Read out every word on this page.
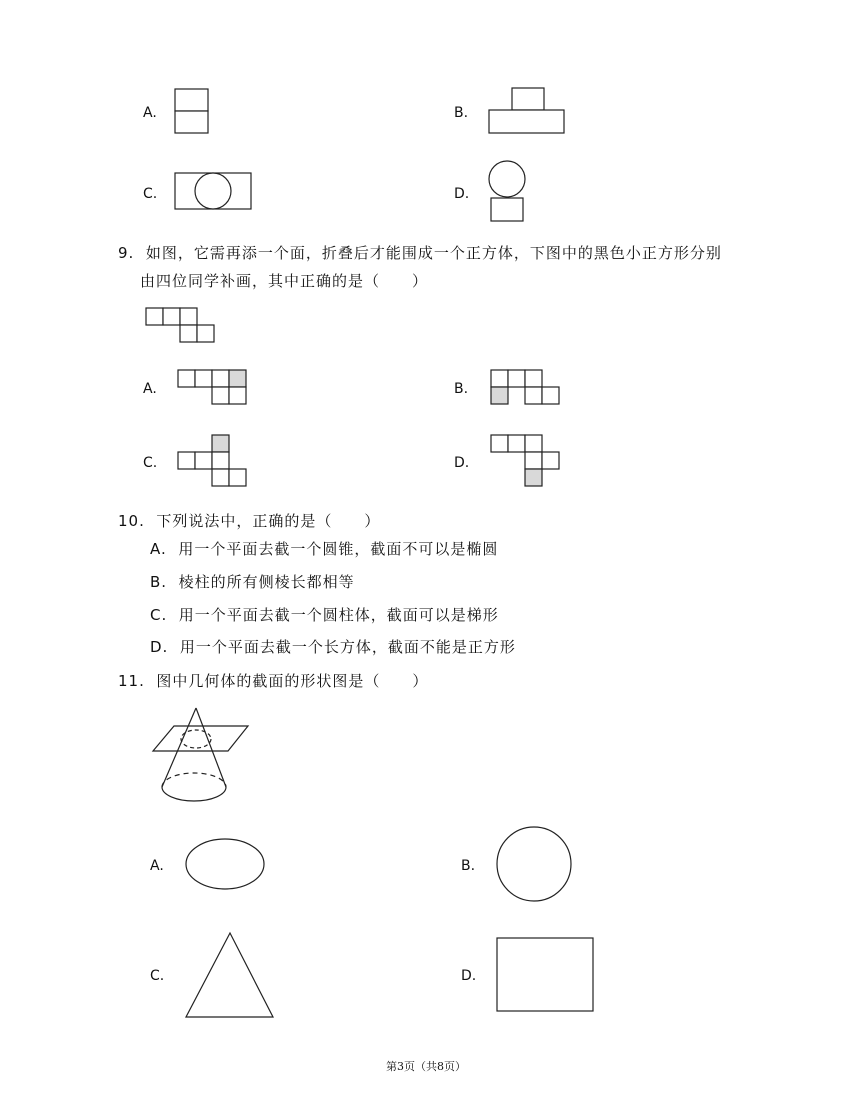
A.	B.
C.	D.
9. 如图，它需再添一个面，折叠后才能围成一个正方体，下图中的黑色小正方形分别
由四位同学补画，其中正确的是（　　）
A.	B.
C.	D.
10. 下列说法中，正确的是（　　）
A. 用一个平面去截一个圆锥，截面不可以是椭圆
B. 棱柱的所有侧棱长都相等
C. 用一个平面去截一个圆柱体，截面可以是梯形
D. 用一个平面去截一个长方体，截面不能是正方形
11. 图中几何体的截面的形状图是（　　）
A.	B.
C.	D.
第3页（共8页）
